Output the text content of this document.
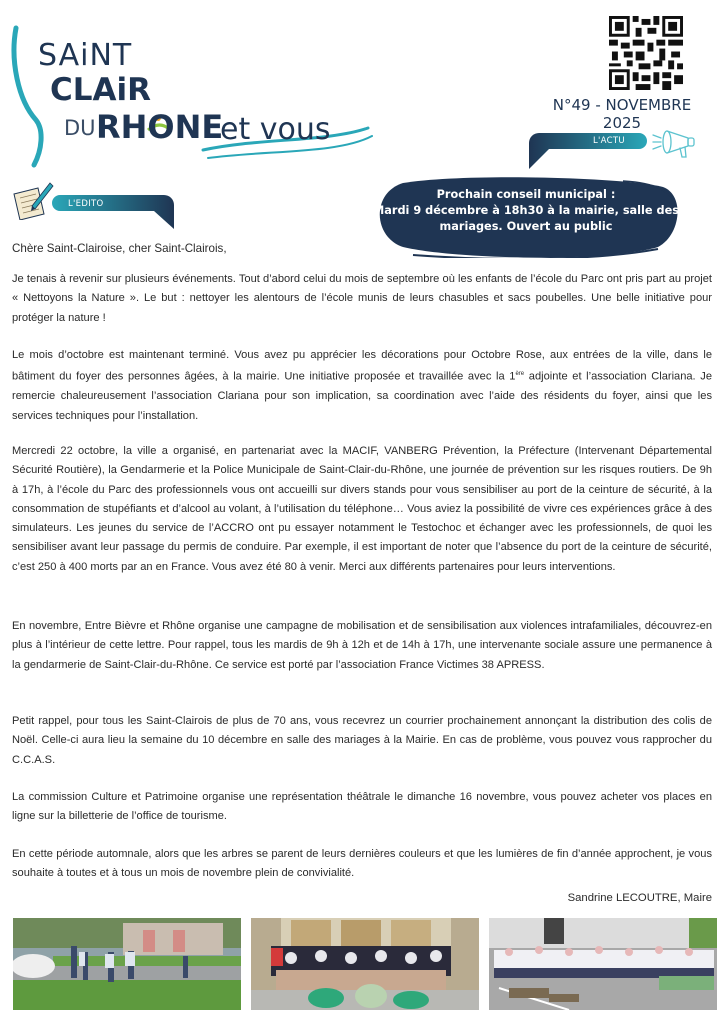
SAiNT
CLAiR
DU RHONE
et vous
N°49 - NOVEMBRE 2025
L'ACTU
Prochain conseil municipal :
Mardi 9 décembre à 18h30 à la mairie, salle des
mariages. Ouvert au public
L'EDITO
Chère Saint-Clairoise, cher Saint-Clairois,

Je tenais à revenir sur plusieurs événements. Tout d’abord celui du mois de septembre où les enfants de l’école du Parc ont pris part au projet « Nettoyons la Nature ». Le but : nettoyer les alentours de l’école munis de leurs chasubles et sacs poubelles. Une belle initiative pour protéger la nature !

Le mois d’octobre est maintenant terminé. Vous avez pu apprécier les décorations pour Octobre Rose, aux entrées de la ville, dans le bâtiment du foyer des personnes âgées, à la mairie. Une initiative proposée et travaillée avec la 1ère adjointe et l’association Clariana. Je remercie chaleureusement l’association Clariana pour son implication, sa coordination avec l’aide des résidents du foyer, ainsi que les services techniques pour l’installation.

Mercredi 22 octobre, la ville a organisé, en partenariat avec la MACIF, VANBERG Prévention, la Préfecture (Intervenant Départemental Sécurité Routière), la Gendarmerie et la Police Municipale de Saint-Clair-du-Rhône, une journée de prévention sur les risques routiers. De 9h à 17h, à l’école du Parc des professionnels vous ont accueilli sur divers stands pour vous sensibiliser au port de la ceinture de sécurité, à la consommation de stupéfiants et d’alcool au volant, à l’utilisation du téléphone… Vous aviez la possibilité de vivre ces expériences grâce à des simulateurs. Les jeunes du service de l’ACCRO ont pu essayer notamment le Testochoc et échanger avec les professionnels, de quoi les sensibiliser avant leur passage du permis de conduire. Par exemple, il est important de noter que l’absence du port de la ceinture de sécurité, c’est 250 à 400 morts par an en France. Vous avez été 80 à venir. Merci aux différents partenaires pour leurs interventions.

En novembre, Entre Bièvre et Rhône organise une campagne de mobilisation et de sensibilisation aux violences intrafamiliales, découvrez-en plus à l’intérieur de cette lettre. Pour rappel, tous les mardis de 9h à 12h et de 14h à 17h, une intervenante sociale assure une permanence à la gendarmerie de Saint-Clair-du-Rhône. Ce service est porté par l’association France Victimes 38 APRESS.

Petit rappel, pour tous les Saint-Clairois de plus de 70 ans, vous recevrez un courrier prochainement annonçant la distribution des colis de Noël. Celle-ci aura lieu la semaine du 10 décembre en salle des mariages à la Mairie. En cas de problème, vous pouvez vous rapprocher du C.C.A.S.

La commission Culture et Patrimoine organise une représentation théâtrale le dimanche 16 novembre, vous pouvez acheter vos places en ligne sur la billetterie de l’office de tourisme.

En cette période automnale, alors que les arbres se parent de leurs dernières couleurs et que les lumières de fin d’année approchent, je vous souhaite à toutes et à tous un mois de novembre plein de convivialité.

Sandrine LECOUTRE, Maire
